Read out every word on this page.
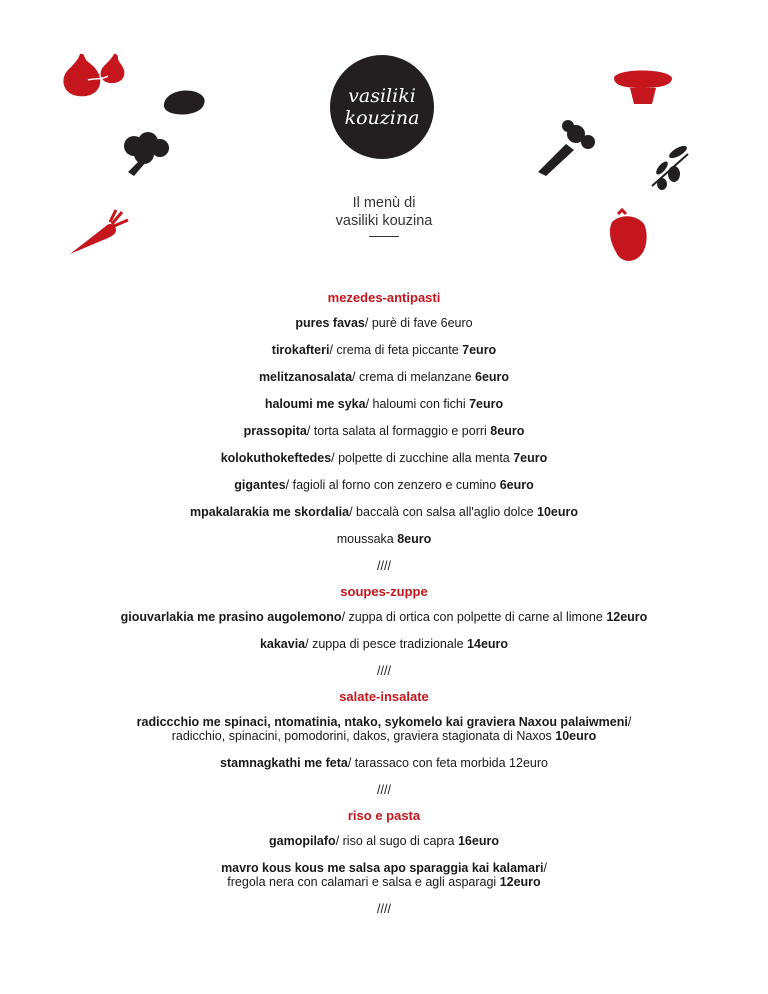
vasiliki
kouzina
Il menù di
vasiliki kouzina
mezedes-antipasti
pures favas/ purè di fave 6euro
tirokafteri/ crema di feta piccante 7euro
melitzanosalata/ crema di melanzane 6euro
haloumi me syka/ haloumi con fichi 7euro
prassopita/ torta salata al formaggio e porri 8euro
kolokuthokeftedes/ polpette di zucchine alla menta 7euro
gigantes/ fagioli al forno con zenzero e cumino 6euro
mpakalarakia me skordalia/ baccalà con salsa all'aglio dolce 10euro
moussaka 8euro
////
soupes-zuppe
giouvarlakia me prasino augolemono/ zuppa di ortica con polpette di carne al limone 12euro
kakavia/ zuppa di pesce tradizionale 14euro
////
salate-insalate
radiccchio me spinaci, ntomatinia, ntako, sykomelo kai graviera Naxou palaiwmeni/
radicchio, spinacini, pomodorini, dakos, graviera stagionata di Naxos 10euro
stamnagkathi me feta/ tarassaco con feta morbida 12euro
////
riso e pasta
gamopilafo/ riso al sugo di capra 16euro
mavro kous kous me salsa apo sparaggia kai kalamari/
fregola nera con calamari e salsa e agli asparagi 12euro
////
